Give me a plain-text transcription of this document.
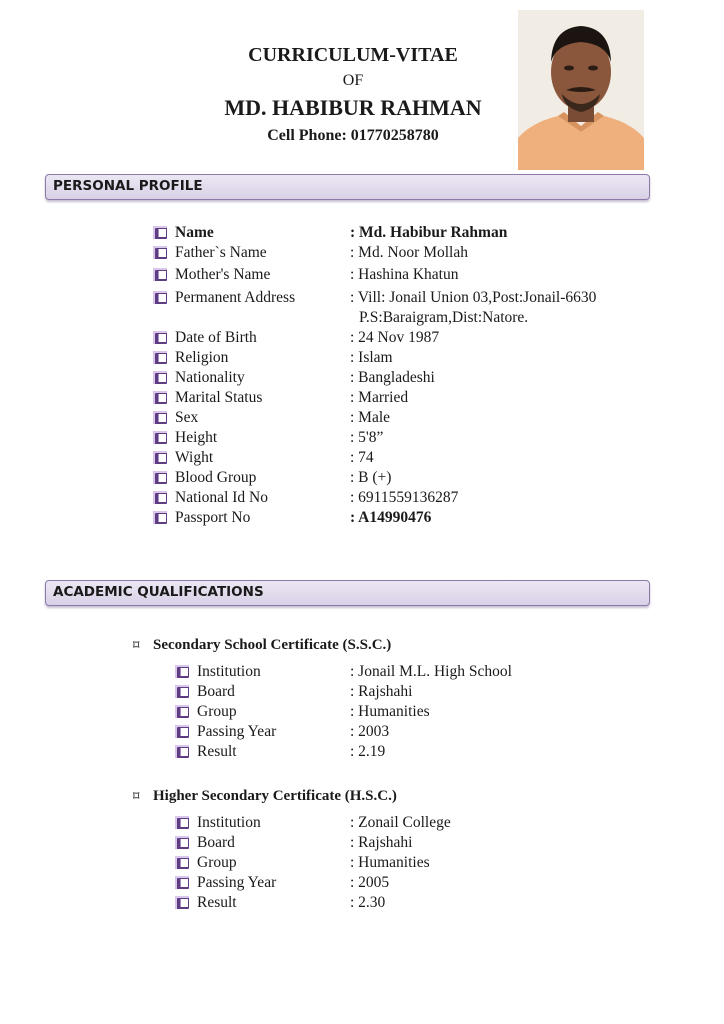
CURRICULUM-VITAE
OF
MD. HABIBUR RAHMAN
Cell Phone: 01770258780
PERSONAL PROFILE
Name	: Md. Habibur Rahman
Father`s Name	: Md. Noor Mollah
Mother's Name	: Hashina Khatun
Permanent Address	: Vill: Jonail Union 03,Post:Jonail-6630
P.S:Baraigram,Dist:Natore.
Date of Birth	: 24 Nov 1987
Religion	: Islam
Nationality	: Bangladeshi
Marital Status	: Married
Sex	: Male
Height	: 5'8”
Wight	: 74
Blood Group	: B (+)
National Id No	: 6911559136287
Passport No	: A14990476
ACADEMIC QUALIFICATIONS
⌑ Secondary School Certificate (S.S.C.)
Institution	: Jonail M.L. High School
Board	: Rajshahi
Group	: Humanities
Passing Year	: 2003
Result	: 2.19
⌑ Higher Secondary Certificate (H.S.C.)
Institution	: Zonail College
Board	: Rajshahi
Group	: Humanities
Passing Year	: 2005
Result	: 2.30
